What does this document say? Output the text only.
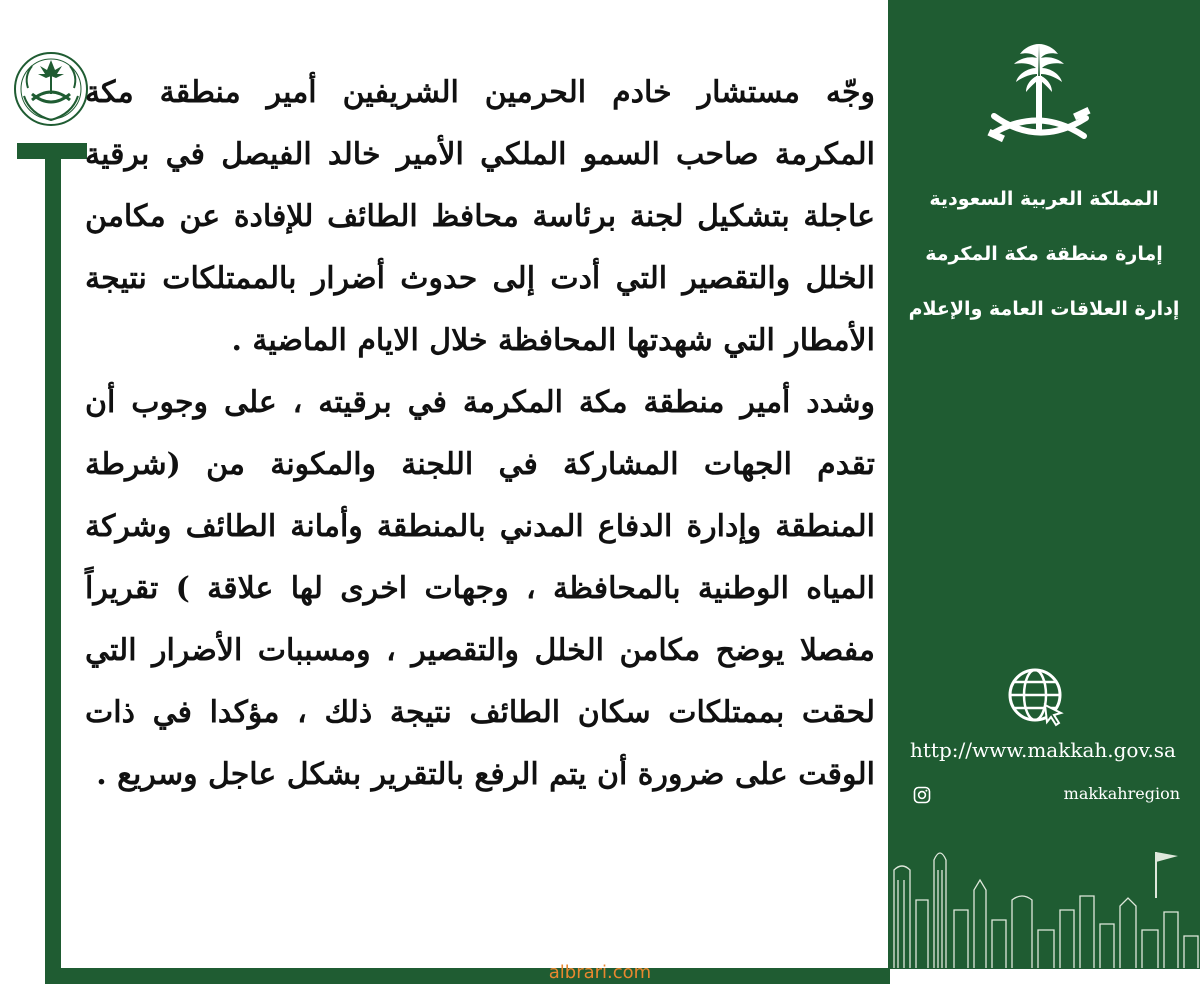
وجّه مستشار خادم الحرمين الشريفين أمير منطقة مكة المكرمة صاحب السمو الملكي الأمير خالد الفيصل في برقية عاجلة بتشكيل لجنة برئاسة محافظ الطائف للإفادة عن مكامن الخلل والتقصير التي أدت إلى حدوث أضرار بالممتلكات نتيجة الأمطار التي شهدتها المحافظة خلال الايام الماضية .

وشدد أمير منطقة مكة المكرمة في برقيته ، على وجوب أن تقدم الجهات المشاركة في اللجنة والمكونة من (شرطة المنطقة وإدارة الدفاع المدني بالمنطقة وأمانة الطائف وشركة المياه الوطنية بالمحافظة ، وجهات اخرى لها علاقة ) تقريراً مفصلا يوضح مكامن الخلل والتقصير ، ومسببات الأضرار التي لحقت بممتلكات سكان الطائف نتيجة ذلك ، مؤكدا في ذات الوقت على ضرورة أن يتم الرفع بالتقرير بشكل عاجل وسريع .

المملكة العربية السعودية
إمارة منطقة مكة المكرمة
إدارة العلاقات العامة والإعلام
http://www.makkah.gov.sa
makkahregion
albrari.com
